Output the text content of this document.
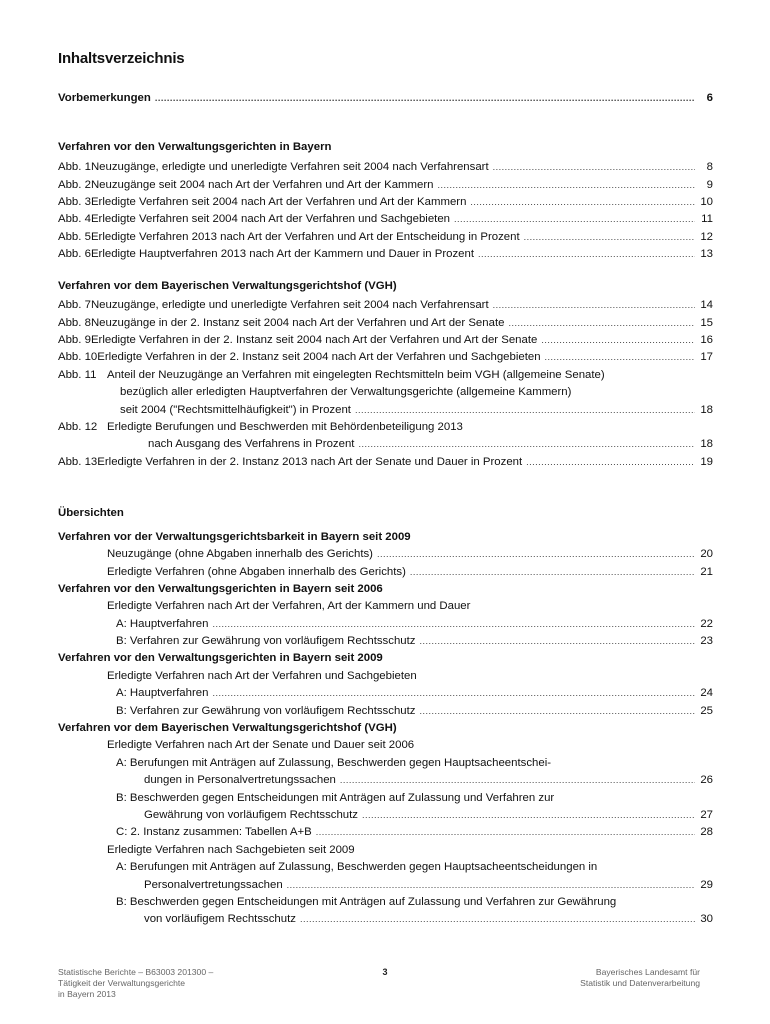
Inhaltsverzeichnis
Vorbemerkungen .....	6
Verfahren vor den Verwaltungsgerichten in Bayern
Abb. 1 Neuzugänge, erledigte und unerledigte Verfahren seit 2004 nach Verfahrensart .....	8
Abb. 2 Neuzugänge seit 2004 nach Art der Verfahren und Art der Kammern .....	9
Abb. 3 Erledigte Verfahren seit 2004 nach Art der Verfahren und Art der Kammern .....	10
Abb. 4 Erledigte Verfahren seit 2004 nach Art der Verfahren und Sachgebieten .....	11
Abb. 5 Erledigte Verfahren 2013 nach Art der Verfahren und Art der Entscheidung in Prozent .....	12
Abb. 6 Erledigte Hauptverfahren 2013 nach Art der Kammern und Dauer in Prozent .....	13
Verfahren vor dem Bayerischen Verwaltungsgerichtshof (VGH)
Abb. 7 Neuzugänge, erledigte und unerledigte Verfahren seit 2004 nach Verfahrensart .....	14
Abb. 8 Neuzugänge in der 2. Instanz seit 2004 nach Art der Verfahren und Art der Senate .....	15
Abb. 9 Erledigte Verfahren in der 2. Instanz seit 2004 nach Art der Verfahren und Art der Senate .....	16
Abb. 10 Erledigte Verfahren in der 2. Instanz seit 2004 nach Art der Verfahren und Sachgebieten .....	17
Abb. 11 Anteil der Neuzugänge an Verfahren mit eingelegten Rechtsmitteln beim VGH (allgemeine Senate)
bezüglich aller erledigten Hauptverfahren der Verwaltungsgerichte (allgemeine Kammern)
seit 2004 ("Rechtsmittelhäufigkeit") in Prozent .....	18
Abb. 12 Erledigte Berufungen und Beschwerden mit Behördenbeteiligung 2013
nach Ausgang des Verfahrens in Prozent .....	18
Abb. 13 Erledigte Verfahren in der 2. Instanz 2013 nach Art der Senate und Dauer in Prozent .....	19
Übersichten
Verfahren vor der Verwaltungsgerichtsbarkeit in Bayern seit 2009
Neuzugänge (ohne Abgaben innerhalb des Gerichts) .....	20
Erledigte Verfahren (ohne Abgaben innerhalb des Gerichts) .....	21
Verfahren vor den Verwaltungsgerichten in Bayern seit 2006
Erledigte Verfahren nach Art der Verfahren, Art der Kammern und Dauer
A: Hauptverfahren .....	22
B: Verfahren zur Gewährung von vorläufigem Rechtsschutz .....	23
Verfahren vor den Verwaltungsgerichten in Bayern seit 2009
Erledigte Verfahren nach Art der Verfahren und Sachgebieten
A: Hauptverfahren .....	24
B: Verfahren zur Gewährung von vorläufigem Rechtsschutz .....	25
Verfahren vor dem Bayerischen Verwaltungsgerichtshof (VGH)
Erledigte Verfahren nach Art der Senate und Dauer seit 2006
A: Berufungen mit Anträgen auf Zulassung, Beschwerden gegen Hauptsacheentschei-
dungen in Personalvertretungssachen .....	26
B: Beschwerden gegen Entscheidungen mit Anträgen auf Zulassung und Verfahren zur
Gewährung von vorläufigem Rechtsschutz .....	27
C: 2. Instanz zusammen: Tabellen A+B .....	28
Erledigte Verfahren nach Sachgebieten seit 2009
A: Berufungen mit Anträgen auf Zulassung, Beschwerden gegen Hauptsacheentscheidungen in
Personalvertretungssachen .....	29
B: Beschwerden gegen Entscheidungen mit Anträgen auf Zulassung und Verfahren zur Gewährung
von vorläufigem Rechtsschutz .....	30
Statistische Berichte – B63003 201300 –
Tätigkeit der Verwaltungsgerichte
in Bayern 2013
3	Bayerisches Landesamt für
Statistik und Datenverarbeitung
